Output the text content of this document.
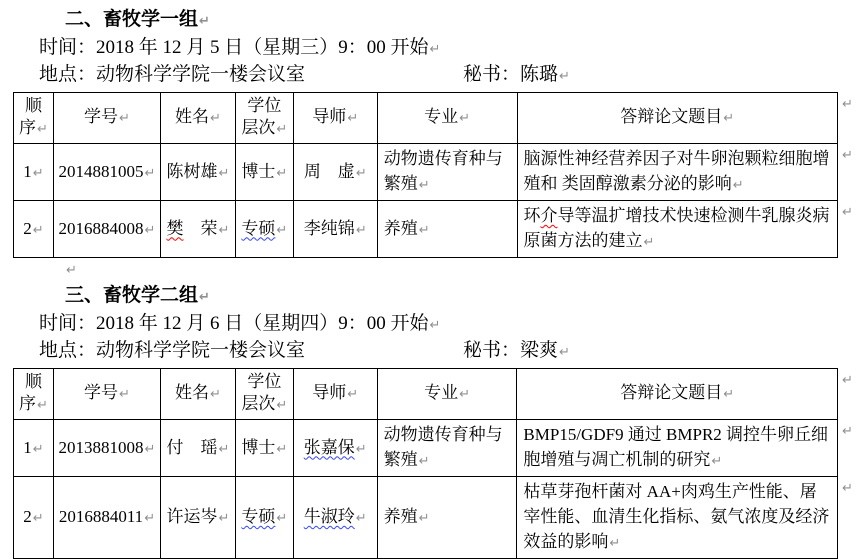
二、畜牧学一组↵
时间：2018 年 12 月 5 日（星期三）9：00 开始↵
地点：动物科学学院一楼会议室	秘书：陈璐↵
顺序↵	学号↵	姓名↵	学位层次↵	导师↵	专业↵	答辩论文题目↵	↵
1↵	2014881005↵	陈树雄↵	博士↵	周　虚↵	动物遗传育种与繁殖↵	脑源性神经营养因子对牛卵泡颗粒细胞增殖和 类固醇激素分泌的影响↵	↵
2↵	2016884008↵	樊　荣↵	专硕↵	李纯锦↵	养殖↵	环介导等温扩增技术快速检测牛乳腺炎病原菌方法的建立↵	↵
↵
三、畜牧学二组↵
时间：2018 年 12 月 6 日（星期四）9：00 开始↵
地点：动物科学学院一楼会议室	秘书：梁爽↵
顺序↵	学号↵	姓名↵	学位层次↵	导师↵	专业↵	答辩论文题目↵	↵
1↵	2013881008↵	付　瑶↵	博士↵	张嘉保↵	动物遗传育种与繁殖↵	BMP15/GDF9 通过 BMPR2 调控牛卵丘细胞增殖与凋亡机制的研究↵	↵
2↵	2016884011↵	许运岑↵	专硕↵	牛淑玲↵	养殖↵	枯草芽孢杆菌对 AA+肉鸡生产性能、屠宰性能、血清生化指标、氨气浓度及经济效益的影响↵	↵
